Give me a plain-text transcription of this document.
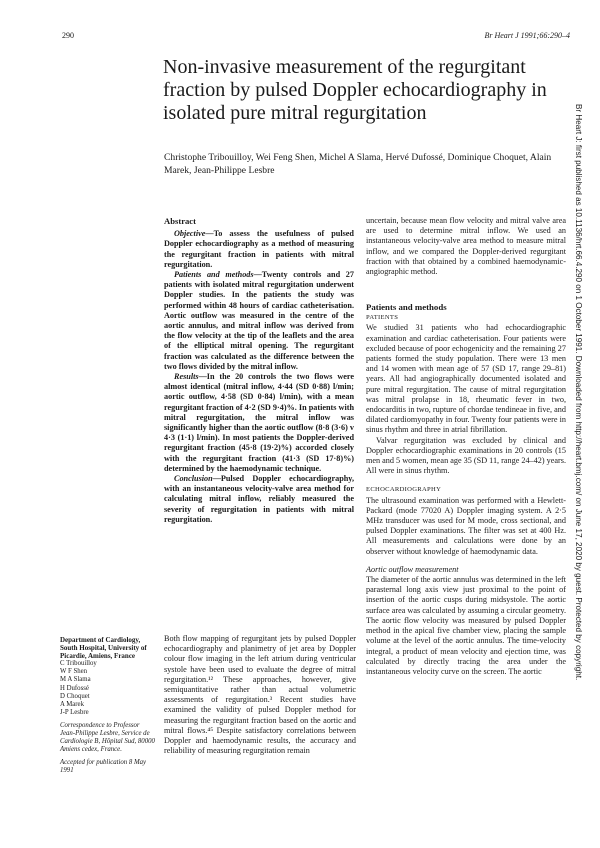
290	Br Heart J 1991;66:290–4
Non-invasive measurement of the regurgitant fraction by pulsed Doppler echocardiography in isolated pure mitral regurgitation
Christophe Tribouilloy, Wei Feng Shen, Michel A Slama, Hervé Dufossé, Dominique Choquet, Alain Marek, Jean-Philippe Lesbre
Abstract

Objective—To assess the usefulness of pulsed Doppler echocardiography as a method of measuring the regurgitant fraction in patients with mitral regurgitation.

Patients and methods—Twenty controls and 27 patients with isolated mitral regurgitation underwent Doppler studies. In the patients the study was performed within 48 hours of cardiac catheterisation. Aortic outflow was measured in the centre of the aortic annulus, and mitral inflow was derived from the flow velocity at the tip of the leaflets and the area of the elliptical mitral opening. The regurgitant fraction was calculated as the difference between the two flows divided by the mitral inflow.

Results—In the 20 controls the two flows were almost identical (mitral inflow, 4·44 (SD 0·88) l/min; aortic outflow, 4·58 (SD 0·84) l/min), with a mean regurgitant fraction of 4·2 (SD 9·4)%. In patients with mitral regurgitation, the mitral inflow was significantly higher than the aortic outflow (8·8 (3·6) v 4·3 (1·1) l/min). In most patients the Doppler-derived regurgitant fraction (45·8 (19·2)%) accorded closely with the regurgitant fraction (41·3 (SD 17·8)%) determined by the haemodynamic technique.

Conclusion—Pulsed Doppler echocardiography, with an instantaneous velocity-valve area method for calculating mitral inflow, reliably measured the severity of regurgitation in patients with mitral regurgitation.

uncertain, because mean flow velocity and mitral valve area are used to determine mitral inflow. We used an instantaneous velocity-valve area method to measure mitral inflow, and we compared the Doppler-derived regurgitant fraction with that obtained by a combined haemodynamic-angiographic method.

Patients and methods
PATIENTS

We studied 31 patients who had echocardiographic examination and cardiac catheterisation. Four patients were excluded because of poor echogenicity and the remaining 27 patients formed the study population. There were 13 men and 14 women with mean age of 57 (SD 17, range 29–81) years. All had angiographically documented isolated and pure mitral regurgitation. The cause of mitral regurgitation was mitral prolapse in 18, rheumatic fever in two, endocarditis in two, rupture of chordae tendineae in five, and dilated cardiomyopathy in four. Twenty four patients were in sinus rhythm and three in atrial fibrillation.

Valvar regurgitation was excluded by clinical and Doppler echocardiographic examinations in 20 controls (15 men and 5 women, mean age 35 (SD 11, range 24–42) years. All were in sinus rhythm.

ECHOCARDIOGRAPHY

The ultrasound examination was performed with a Hewlett-Packard (mode 77020 A) Doppler imaging system. A 2·5 MHz transducer was used for M mode, cross sectional, and pulsed Doppler examinations. The filter was set at 400 Hz. All measurements and calculations were done by an observer without knowledge of haemodynamic data.

Aortic outflow measurement

The diameter of the aortic annulus was determined in the left parasternal long axis view just proximal to the point of insertion of the aortic cusps during midsystole. The aortic surface area was calculated by assuming a circular geometry. The aortic flow velocity was measured by pulsed Doppler method in the apical five chamber view, placing the sample volume at the level of the aortic annulus. The time-velocity integral, a product of mean velocity and ejection time, was calculated by directly tracing the area under the instantaneous velocity curve on the screen. The aortic

Both flow mapping of regurgitant jets by pulsed Doppler echocardiography and planimetry of jet area by Doppler colour flow imaging in the left atrium during ventricular systole have been used to evaluate the degree of mitral regurgitation.¹² These approaches, however, give semiquantitative rather than actual volumetric assessments of regurgitation.³ Recent studies have examined the validity of pulsed Doppler method for measuring the regurgitant fraction based on the aortic and mitral flows.⁴⁵ Despite satisfactory correlations between Doppler and haemodynamic results, the accuracy and reliability of measuring regurgitation remain

Department of Cardiology, South Hospital, University of Picardie, Amiens, France
C Tribouilloy
W F Shen
M A Slama
H Dufossé
D Choquet
A Marek
J-P Lesbre
Correspondence to Professor Jean-Philippe Lesbre, Service de Cardiologie B, Hôpital Sud, 80000 Amiens cedex, France.
Accepted for publication 8 May 1991
Br Heart J: first published as 10.1136/hrt.66.4.290 on 1 October 1991. Downloaded from http://heart.bmj.com/ on June 17, 2020 by guest. Protected by copyright.
